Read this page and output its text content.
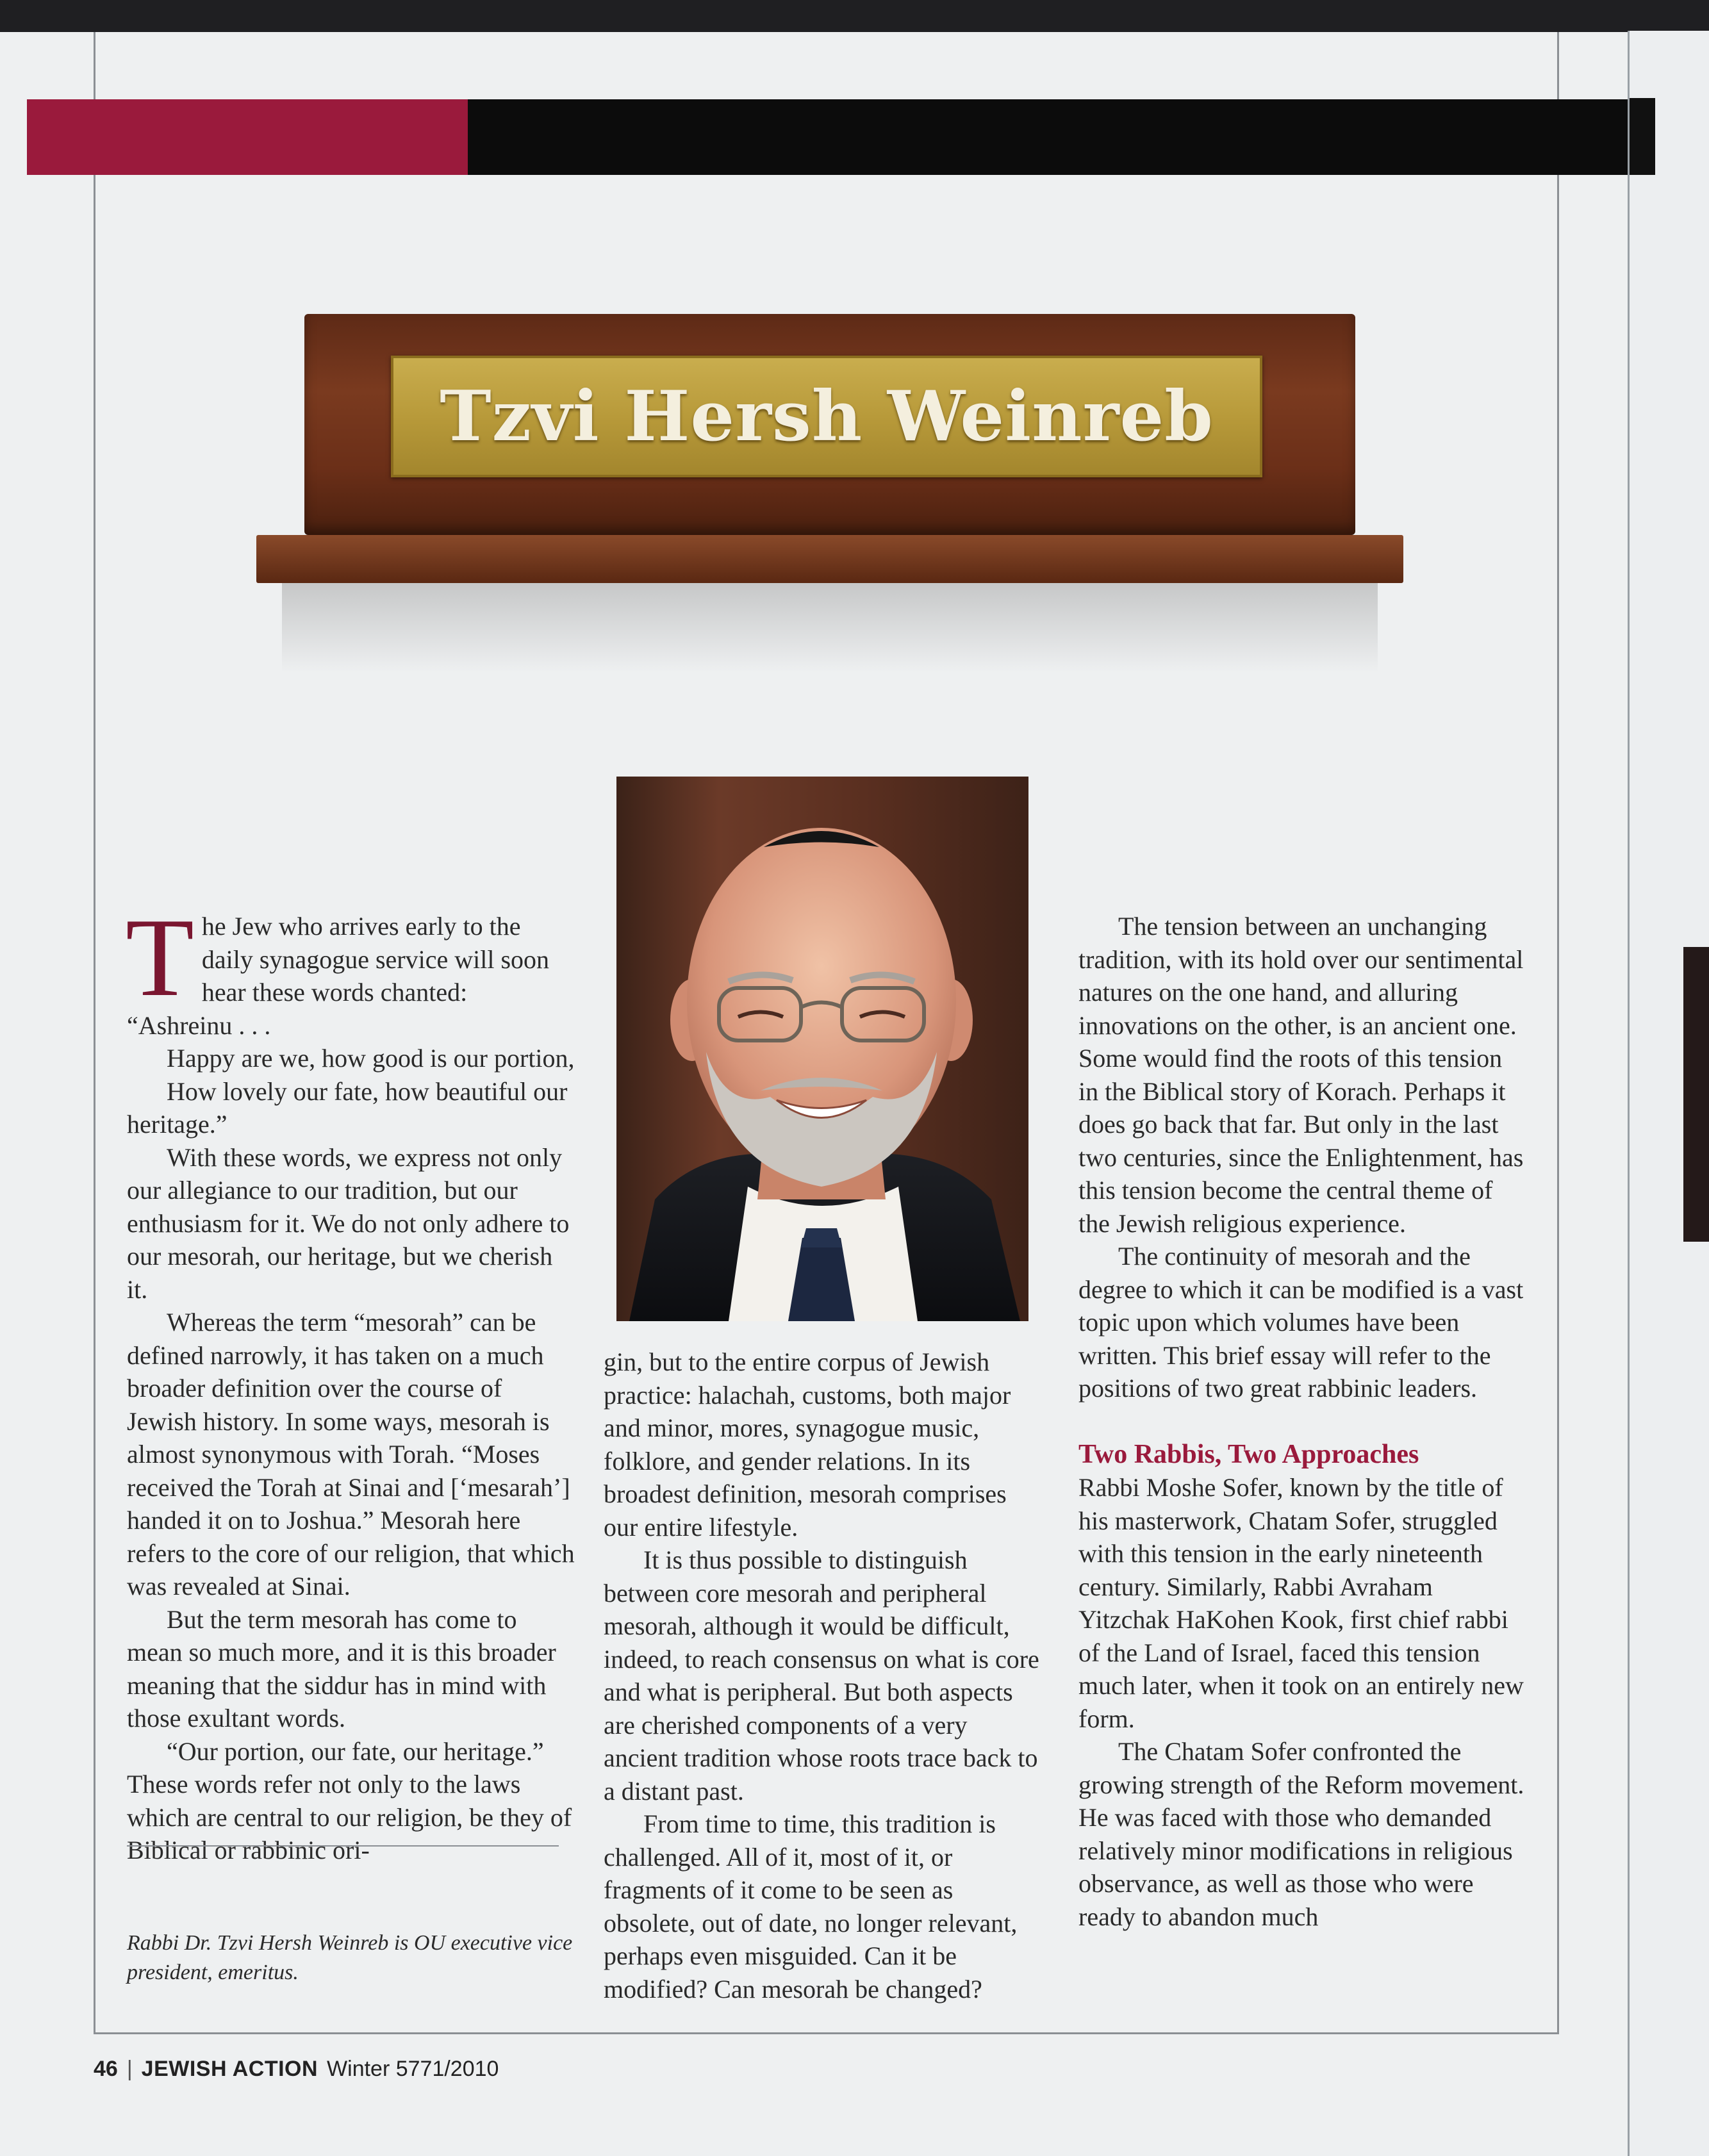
Tzvi Hersh Weinreb

The Jew who arrives early to the daily synagogue service will soon hear these words chanted:

“Ashreinu . . .

Happy are we, how good is our portion,

How lovely our fate, how beautiful our heritage.”

With these words, we express not only our allegiance to our tradition, but our enthusiasm for it. We do not only adhere to our mesorah, our heritage, but we cherish it.

Whereas the term “mesorah” can be defined narrowly, it has taken on a much broader definition over the course of Jewish history. In some ways, mesorah is almost synonymous with Torah. “Moses received the Torah at Sinai and [‘mesarah’] handed it on to Joshua.” Mesorah here refers to the core of our religion, that which was revealed at Sinai.

But the term mesorah has come to mean so much more, and it is this broader meaning that the siddur has in mind with those exultant words.

“Our portion, our fate, our heritage.” These words refer not only to the laws which are central to our religion, be they of Biblical or rabbinic ori-

Rabbi Dr. Tzvi Hersh Weinreb is OU executive vice president, emeritus.

gin, but to the entire corpus of Jewish practice: halachah, customs, both major and minor, mores, synagogue music, folklore, and gender relations. In its broadest definition, mesorah comprises our entire lifestyle.

It is thus possible to distinguish between core mesorah and peripheral mesorah, although it would be difficult, indeed, to reach consensus on what is core and what is peripheral. But both aspects are cherished components of a very ancient tradition whose roots trace back to a distant past.

From time to time, this tradition is challenged. All of it, most of it, or fragments of it come to be seen as obsolete, out of date, no longer relevant, perhaps even misguided. Can it be modified? Can mesorah be changed?

The tension between an unchanging tradition, with its hold over our sentimental natures on the one hand, and alluring innovations on the other, is an ancient one. Some would find the roots of this tension in the Biblical story of Korach. Perhaps it does go back that far. But only in the last two centuries, since the Enlightenment, has this tension become the central theme of the Jewish religious experience.

The continuity of mesorah and the degree to which it can be modified is a vast topic upon which volumes have been written. This brief essay will refer to the positions of two great rabbinic leaders.

Two Rabbis, Two Approaches

Rabbi Moshe Sofer, known by the title of his masterwork, Chatam Sofer, struggled with this tension in the early nineteenth century. Similarly, Rabbi Avraham Yitzchak HaKohen Kook, first chief rabbi of the Land of Israel, faced this tension much later, when it took on an entirely new form.

The Chatam Sofer confronted the growing strength of the Reform movement. He was faced with those who demanded relatively minor modifications in religious observance, as well as those who were ready to abandon much

46 | JEWISH ACTION Winter 5771/2010
